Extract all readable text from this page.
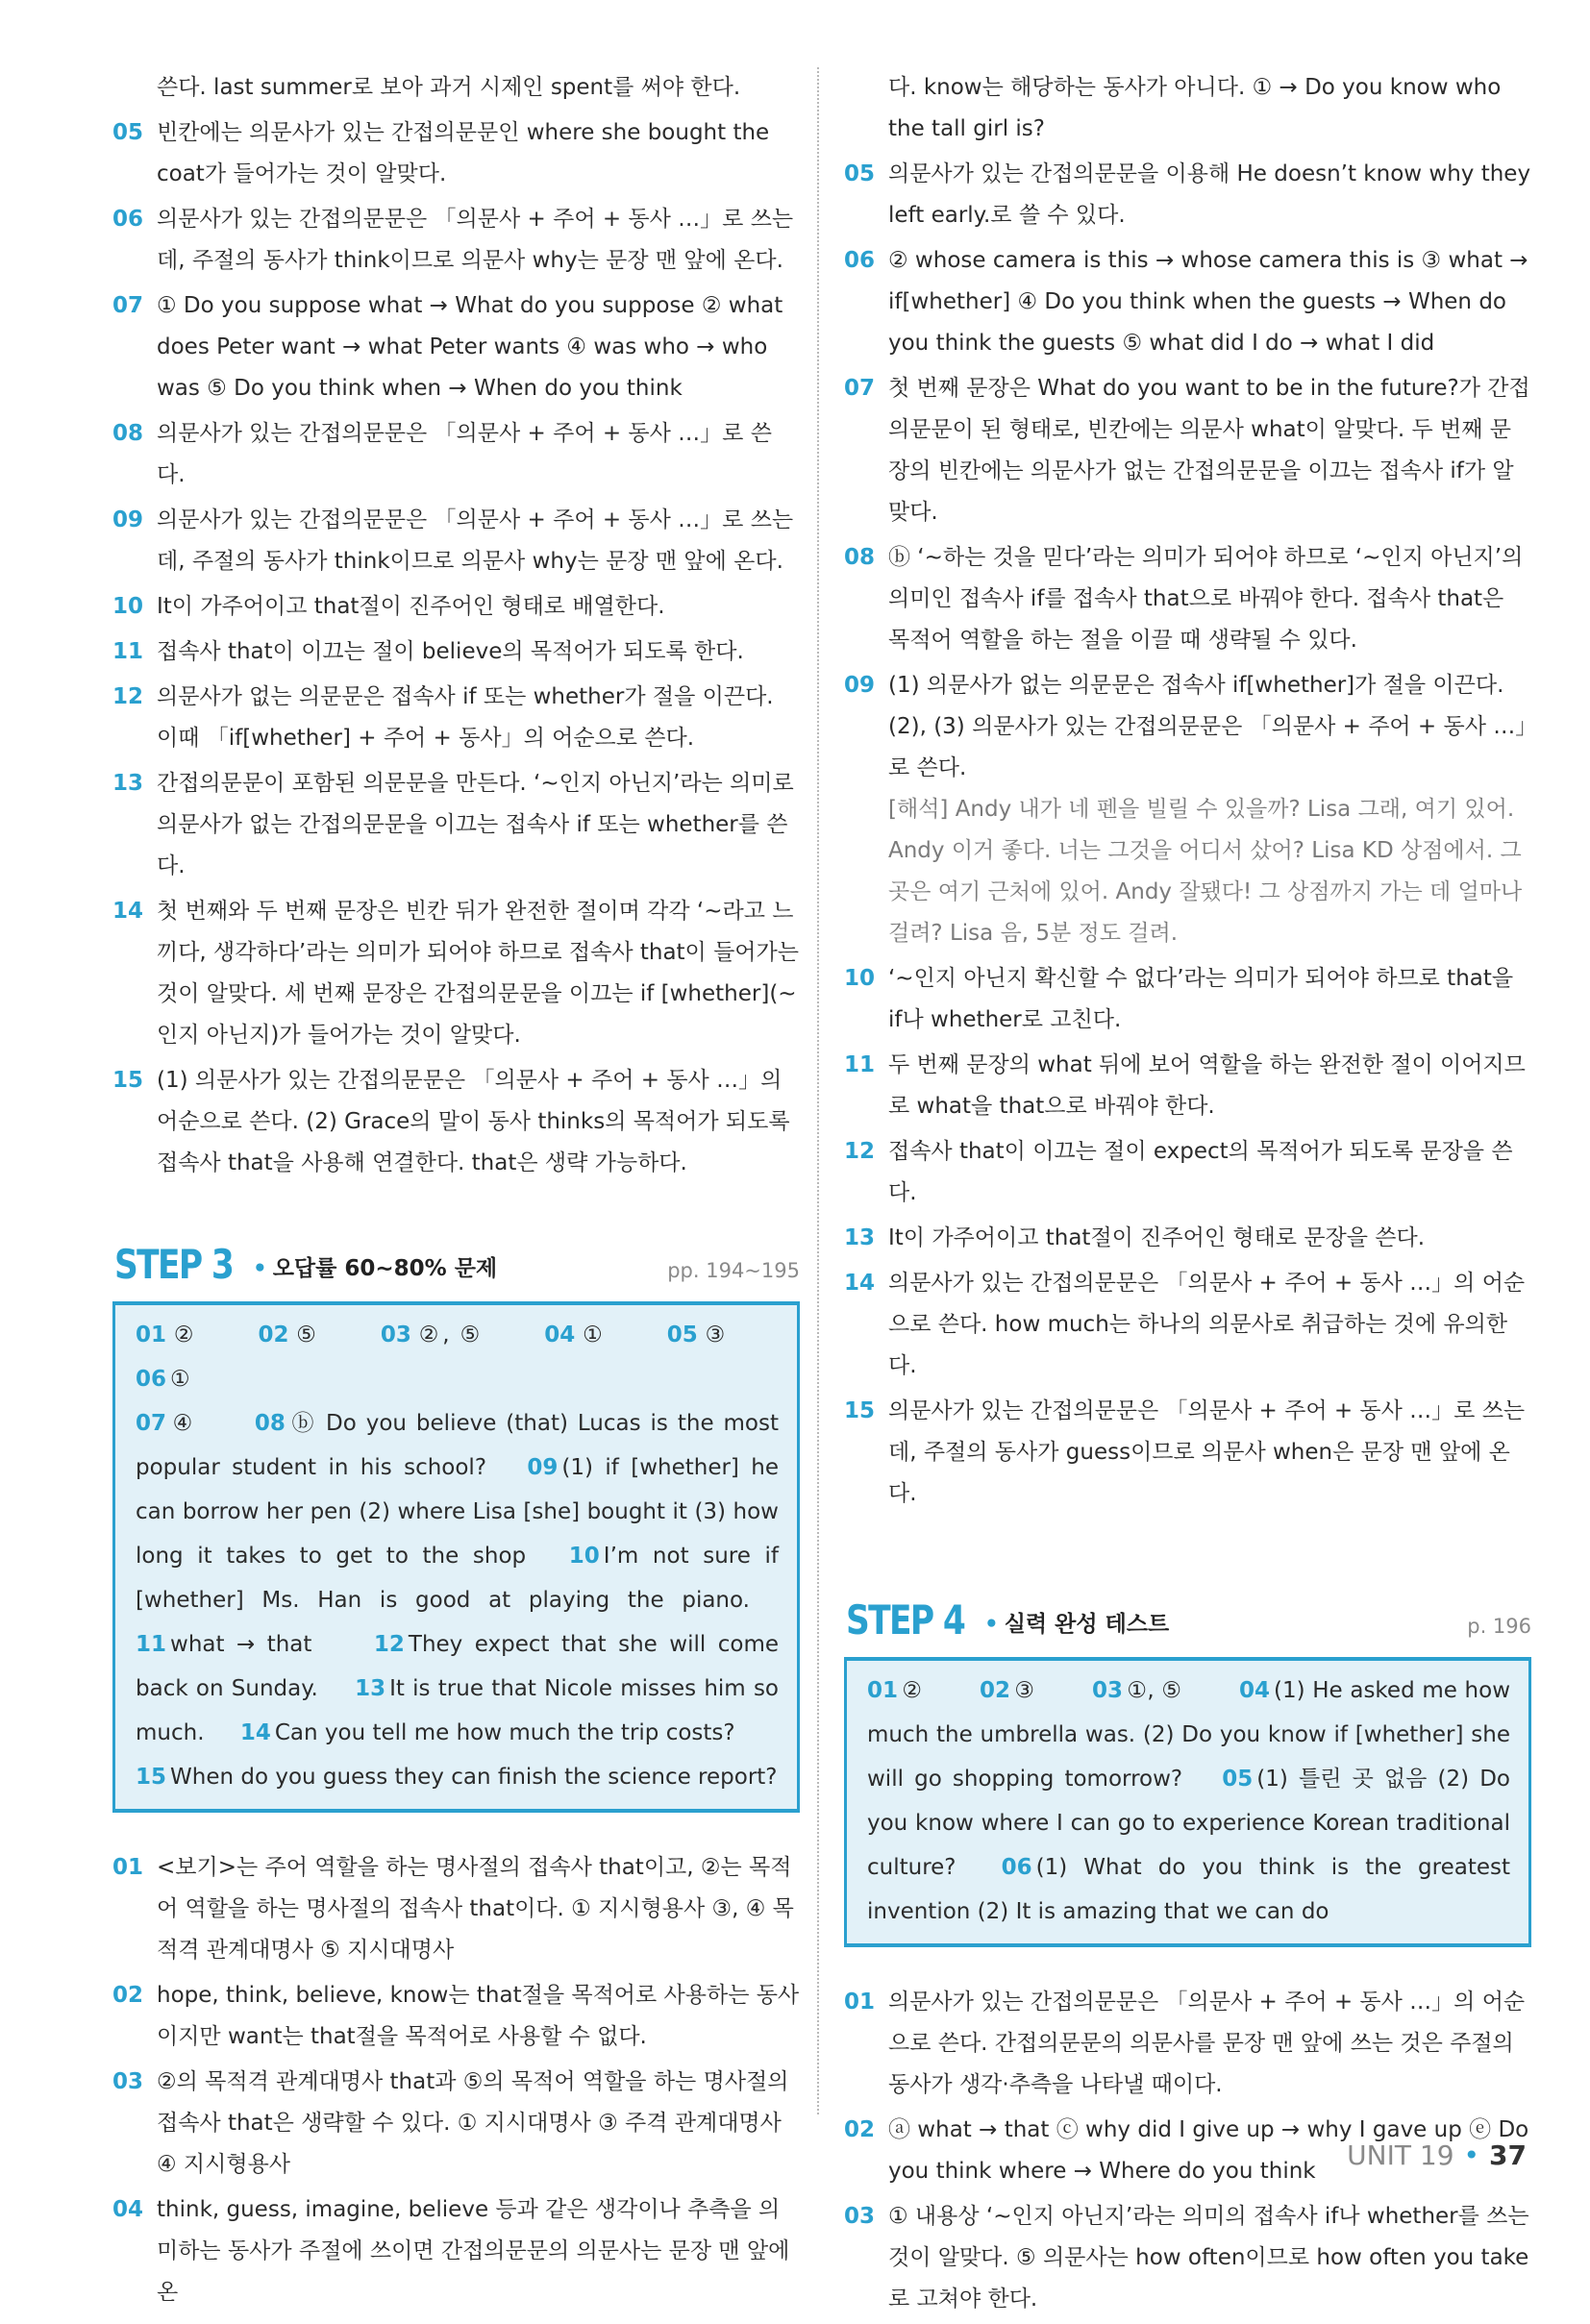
쓴다. last summer로 보아 과거 시제인 spent를 써야 한다.
05 빈칸에는 의문사가 있는 간접의문문인 where she bought the coat가 들어가는 것이 알맞다.
06 의문사가 있는 간접의문문은 「의문사 + 주어 + 동사 …」로 쓰는데, 주절의 동사가 think이므로 의문사 why는 문장 맨 앞에 온다.
07 ① Do you suppose what → What do you suppose ② what does Peter want → what Peter wants ④ was who → who was ⑤ Do you think when → When do you think
08 의문사가 있는 간접의문문은 「의문사 + 주어 + 동사 …」로 쓴다.
09 의문사가 있는 간접의문문은 「의문사 + 주어 + 동사 …」로 쓰는데, 주절의 동사가 think이므로 의문사 why는 문장 맨 앞에 온다.
10 It이 가주어이고 that절이 진주어인 형태로 배열한다.
11 접속사 that이 이끄는 절이 believe의 목적어가 되도록 한다.
12 의문사가 없는 의문문은 접속사 if 또는 whether가 절을 이끈다. 이때 「if[whether] + 주어 + 동사」의 어순으로 쓴다.
13 간접의문문이 포함된 의문문을 만든다. ‘~인지 아닌지’라는 의미로 의문사가 없는 간접의문문을 이끄는 접속사 if 또는 whether를 쓴다.
14 첫 번째와 두 번째 문장은 빈칸 뒤가 완전한 절이며 각각 ‘~라고 느끼다, 생각하다’라는 의미가 되어야 하므로 접속사 that이 들어가는 것이 알맞다. 세 번째 문장은 간접의문문을 이끄는 if [whether](~인지 아닌지)가 들어가는 것이 알맞다.
15 (1) 의문사가 있는 간접의문문은 「의문사 + 주어 + 동사 …」의 어순으로 쓴다. (2) Grace의 말이 동사 thinks의 목적어가 되도록 접속사 that을 사용해 연결한다. that은 생략 가능하다.
STEP 3 • 오답률 60~80% 문제	pp. 194~195
01 ②	02 ⑤	03 ②, ⑤	04 ①	05 ③ 06 ①
07 ④	08 ⓑ Do you believe (that) Lucas is the most popular student in his school? 09 (1) if [whether] he can borrow her pen (2) where Lisa [she] bought it (3) how long it takes to get to the shop 10 I’m not sure if [whether] Ms. Han is good at playing the piano. 11 what → that	12 They expect that she will come back on Sunday. 13 It is true that Nicole misses him so much. 14 Can you tell me how much the trip costs?
15 When do you guess they can finish the science report?
01 <보기>는 주어 역할을 하는 명사절의 접속사 that이고, ②는 목적어 역할을 하는 명사절의 접속사 that이다. ① 지시형용사 ③, ④ 목적격 관계대명사 ⑤ 지시대명사
02 hope, think, believe, know는 that절을 목적어로 사용하는 동사이지만 want는 that절을 목적어로 사용할 수 없다.
03 ②의 목적격 관계대명사 that과 ⑤의 목적어 역할을 하는 명사절의 접속사 that은 생략할 수 있다. ① 지시대명사 ③ 주격 관계대명사 ④ 지시형용사
04 think, guess, imagine, believe 등과 같은 생각이나 추측을 의미하는 동사가 주절에 쓰이면 간접의문문의 의문사는 문장 맨 앞에 온
다. know는 해당하는 동사가 아니다. ① → Do you know who the tall girl is?
05 의문사가 있는 간접의문문을 이용해 He doesn’t know why they left early.로 쓸 수 있다.
06 ② whose camera is this → whose camera this is ③ what → if[whether] ④ Do you think when the guests → When do you think the guests ⑤ what did I do → what I did
07 첫 번째 문장은 What do you want to be in the future?가 간접의문문이 된 형태로, 빈칸에는 의문사 what이 알맞다. 두 번째 문장의 빈칸에는 의문사가 없는 간접의문문을 이끄는 접속사 if가 알맞다.
08 ⓑ ‘~하는 것을 믿다’라는 의미가 되어야 하므로 ‘~인지 아닌지’의 의미인 접속사 if를 접속사 that으로 바꿔야 한다. 접속사 that은 목적어 역할을 하는 절을 이끌 때 생략될 수 있다.
09 (1) 의문사가 없는 의문문은 접속사 if[whether]가 절을 이끈다. (2), (3) 의문사가 있는 간접의문문은 「의문사 + 주어 + 동사 …」로 쓴다.
[해석] Andy 내가 네 펜을 빌릴 수 있을까? Lisa 그래, 여기 있어. Andy 이거 좋다. 너는 그것을 어디서 샀어? Lisa KD 상점에서. 그곳은 여기 근처에 있어. Andy 잘됐다! 그 상점까지 가는 데 얼마나 걸려? Lisa 음, 5분 정도 걸려.
10 ‘~인지 아닌지 확신할 수 없다’라는 의미가 되어야 하므로 that을 if나 whether로 고친다.
11 두 번째 문장의 what 뒤에 보어 역할을 하는 완전한 절이 이어지므로 what을 that으로 바꿔야 한다.
12 접속사 that이 이끄는 절이 expect의 목적어가 되도록 문장을 쓴다.
13 It이 가주어이고 that절이 진주어인 형태로 문장을 쓴다.
14 의문사가 있는 간접의문문은 「의문사 + 주어 + 동사 …」의 어순으로 쓴다. how much는 하나의 의문사로 취급하는 것에 유의한다.
15 의문사가 있는 간접의문문은 「의문사 + 주어 + 동사 …」로 쓰는데, 주절의 동사가 guess이므로 의문사 when은 문장 맨 앞에 온다.
STEP 4 • 실력 완성 테스트	p. 196
01 ②	02 ③	03 ①, ⑤	04 (1) He asked me how much the umbrella was. (2) Do you know if [whether] she will go shopping tomorrow? 05 (1) 틀린 곳 없음 (2) Do you know where I can go to experience Korean traditional culture? 06 (1) What do you think is the greatest invention (2) It is amazing that we can do
01 의문사가 있는 간접의문문은 「의문사 + 주어 + 동사 …」의 어순으로 쓴다. 간접의문문의 의문사를 문장 맨 앞에 쓰는 것은 주절의 동사가 생각·추측을 나타낼 때이다.
02 ⓐ what → that ⓒ why did I give up → why I gave up ⓔ Do you think where → Where do you think
03 ① 내용상 ‘~인지 아닌지’라는 의미의 접속사 if나 whether를 쓰는 것이 알맞다. ⑤ 의문사는 how often이므로 how often you take로 고쳐야 한다.
UNIT 19 • 37
